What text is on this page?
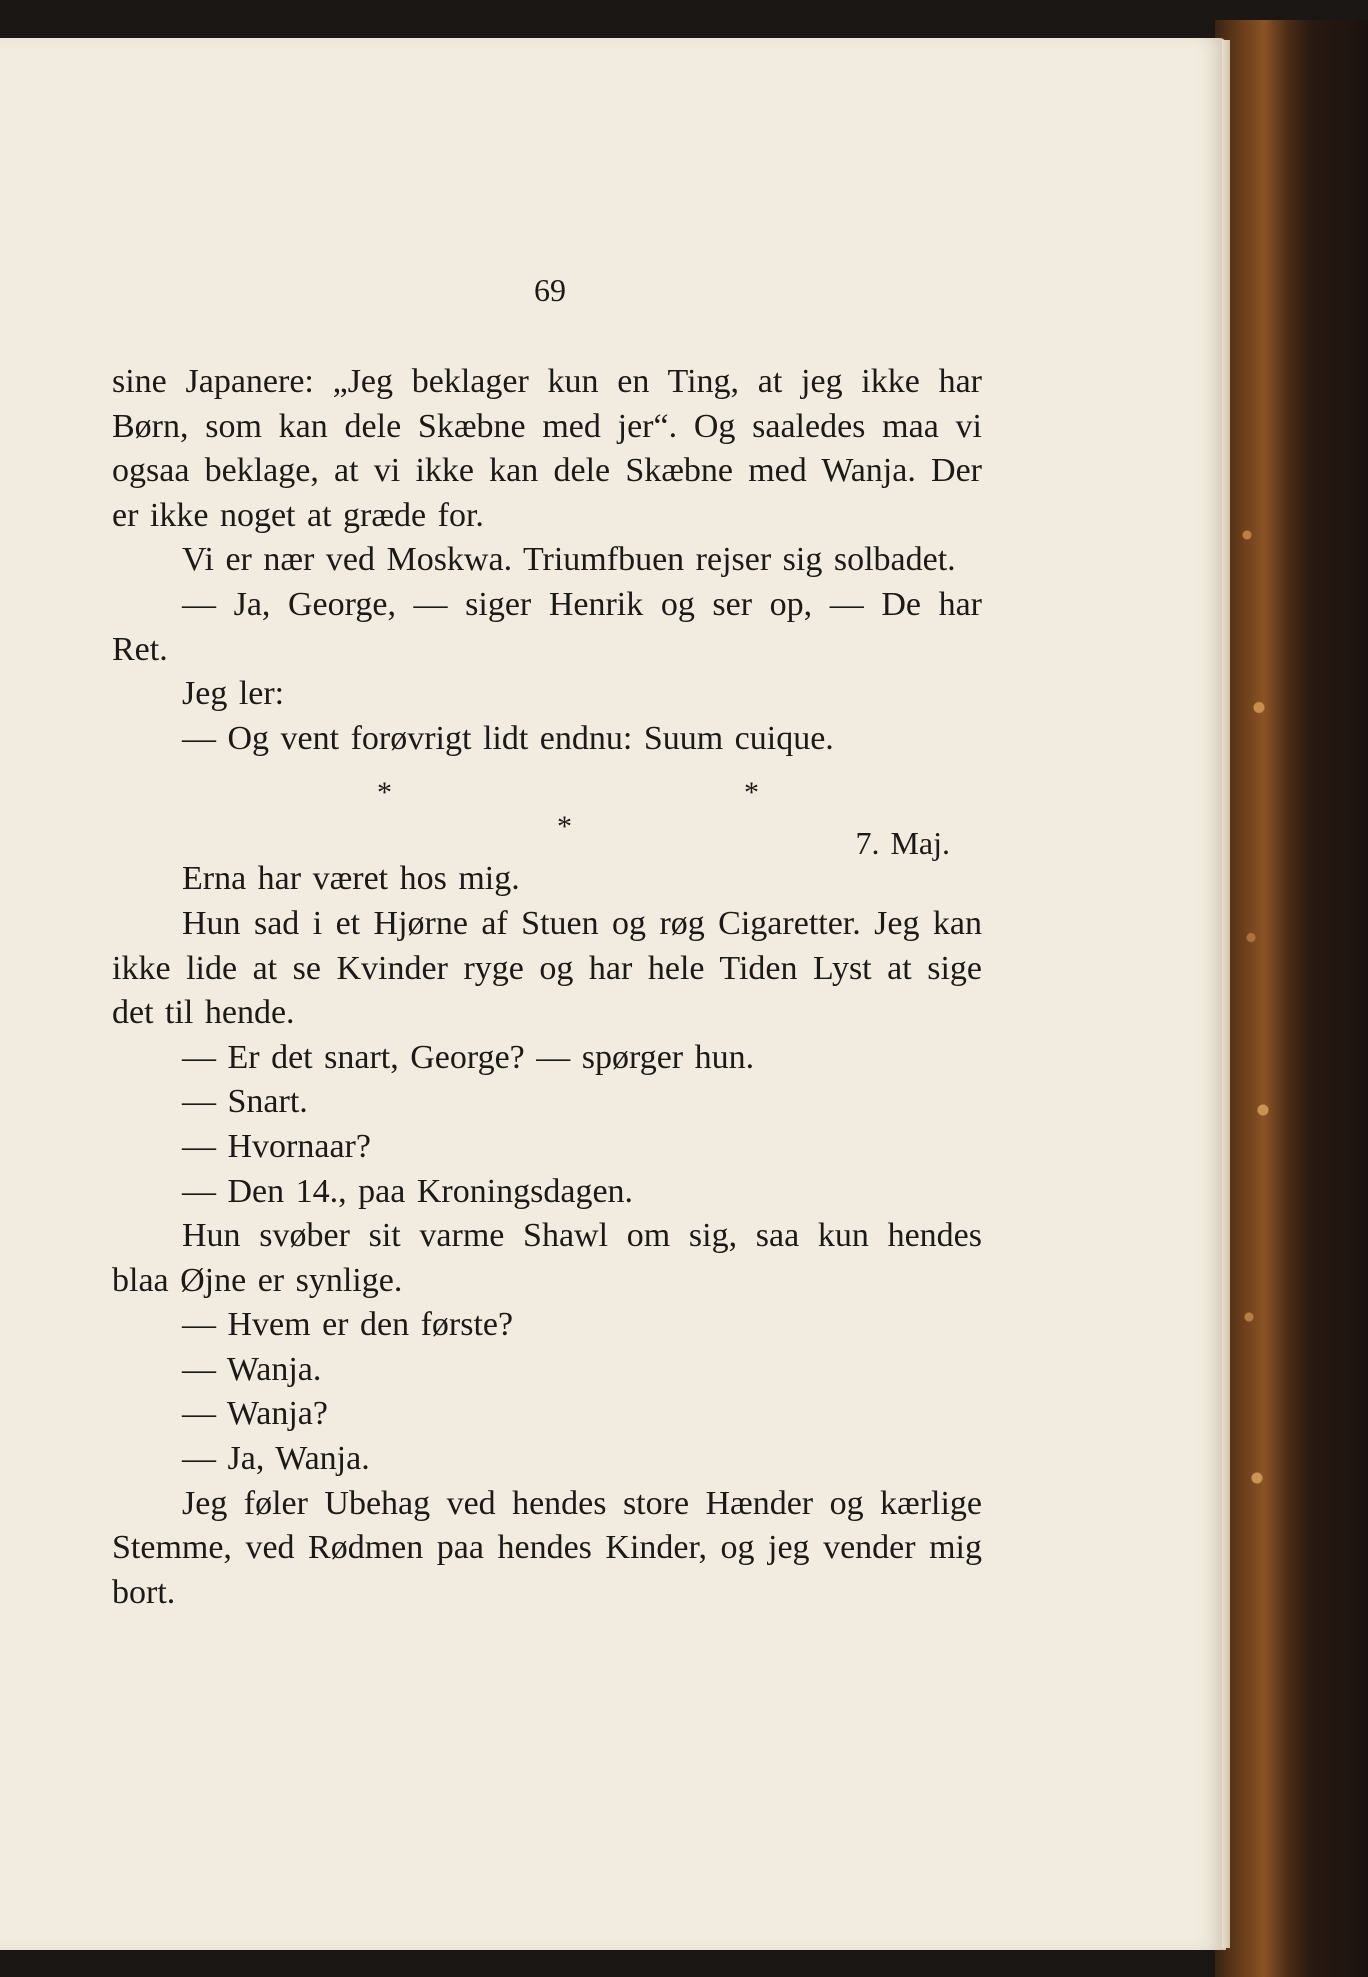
69

sine Japanere: „Jeg beklager kun en Ting, at jeg ikke har Børn, som kan dele Skæbne med jer“. Og saaledes maa vi ogsaa beklage, at vi ikke kan dele Skæbne med Wanja. Der er ikke noget at græde for.

Vi er nær ved Moskwa. Triumfbuen rejser sig solbadet.

— Ja, George, — siger Henrik og ser op, — De har Ret.

Jeg ler:

— Og vent forøvrigt lidt endnu: Suum cuique.

*	*
*	7. Maj.

Erna har været hos mig.

Hun sad i et Hjørne af Stuen og røg Cigaretter. Jeg kan ikke lide at se Kvinder ryge og har hele Tiden Lyst at sige det til hende.

— Er det snart, George? — spørger hun.

— Snart.

— Hvornaar?

— Den 14., paa Kroningsdagen.

Hun svøber sit varme Shawl om sig, saa kun hendes blaa Øjne er synlige.

— Hvem er den første?

— Wanja.

— Wanja?

— Ja, Wanja.

Jeg føler Ubehag ved hendes store Hænder og kærlige Stemme, ved Rødmen paa hendes Kinder, og jeg vender mig bort.
